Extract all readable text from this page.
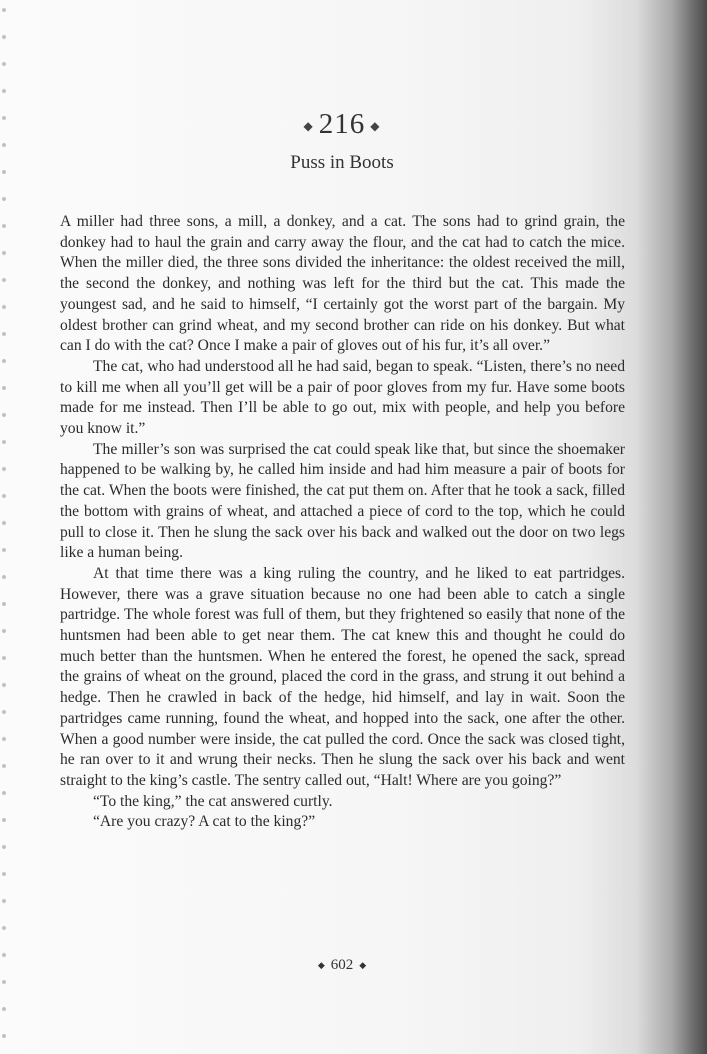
◆ 216 ◆
Puss in Boots

A miller had three sons, a mill, a donkey, and a cat. The sons had to grind grain, the donkey had to haul the grain and carry away the flour, and the cat had to catch the mice. When the miller died, the three sons divided the inheritance: the oldest received the mill, the second the donkey, and nothing was left for the third but the cat. This made the youngest sad, and he said to himself, “I certainly got the worst part of the bargain. My oldest brother can grind wheat, and my second brother can ride on his donkey. But what can I do with the cat? Once I make a pair of gloves out of his fur, it’s all over.”

The cat, who had understood all he had said, began to speak. “Listen, there’s no need to kill me when all you’ll get will be a pair of poor gloves from my fur. Have some boots made for me instead. Then I’ll be able to go out, mix with people, and help you before you know it.”

The miller’s son was surprised the cat could speak like that, but since the shoemaker happened to be walking by, he called him inside and had him measure a pair of boots for the cat. When the boots were finished, the cat put them on. After that he took a sack, filled the bottom with grains of wheat, and attached a piece of cord to the top, which he could pull to close it. Then he slung the sack over his back and walked out the door on two legs like a human being.

At that time there was a king ruling the country, and he liked to eat partridges. However, there was a grave situation because no one had been able to catch a single partridge. The whole forest was full of them, but they frightened so easily that none of the huntsmen had been able to get near them. The cat knew this and thought he could do much better than the huntsmen. When he entered the forest, he opened the sack, spread the grains of wheat on the ground, placed the cord in the grass, and strung it out behind a hedge. Then he crawled in back of the hedge, hid himself, and lay in wait. Soon the partridges came running, found the wheat, and hopped into the sack, one after the other. When a good number were inside, the cat pulled the cord. Once the sack was closed tight, he ran over to it and wrung their necks. Then he slung the sack over his back and went straight to the king’s castle. The sentry called out, “Halt! Where are you going?”

“To the king,” the cat answered curtly.

“Are you crazy? A cat to the king?”

◆ 602 ◆
